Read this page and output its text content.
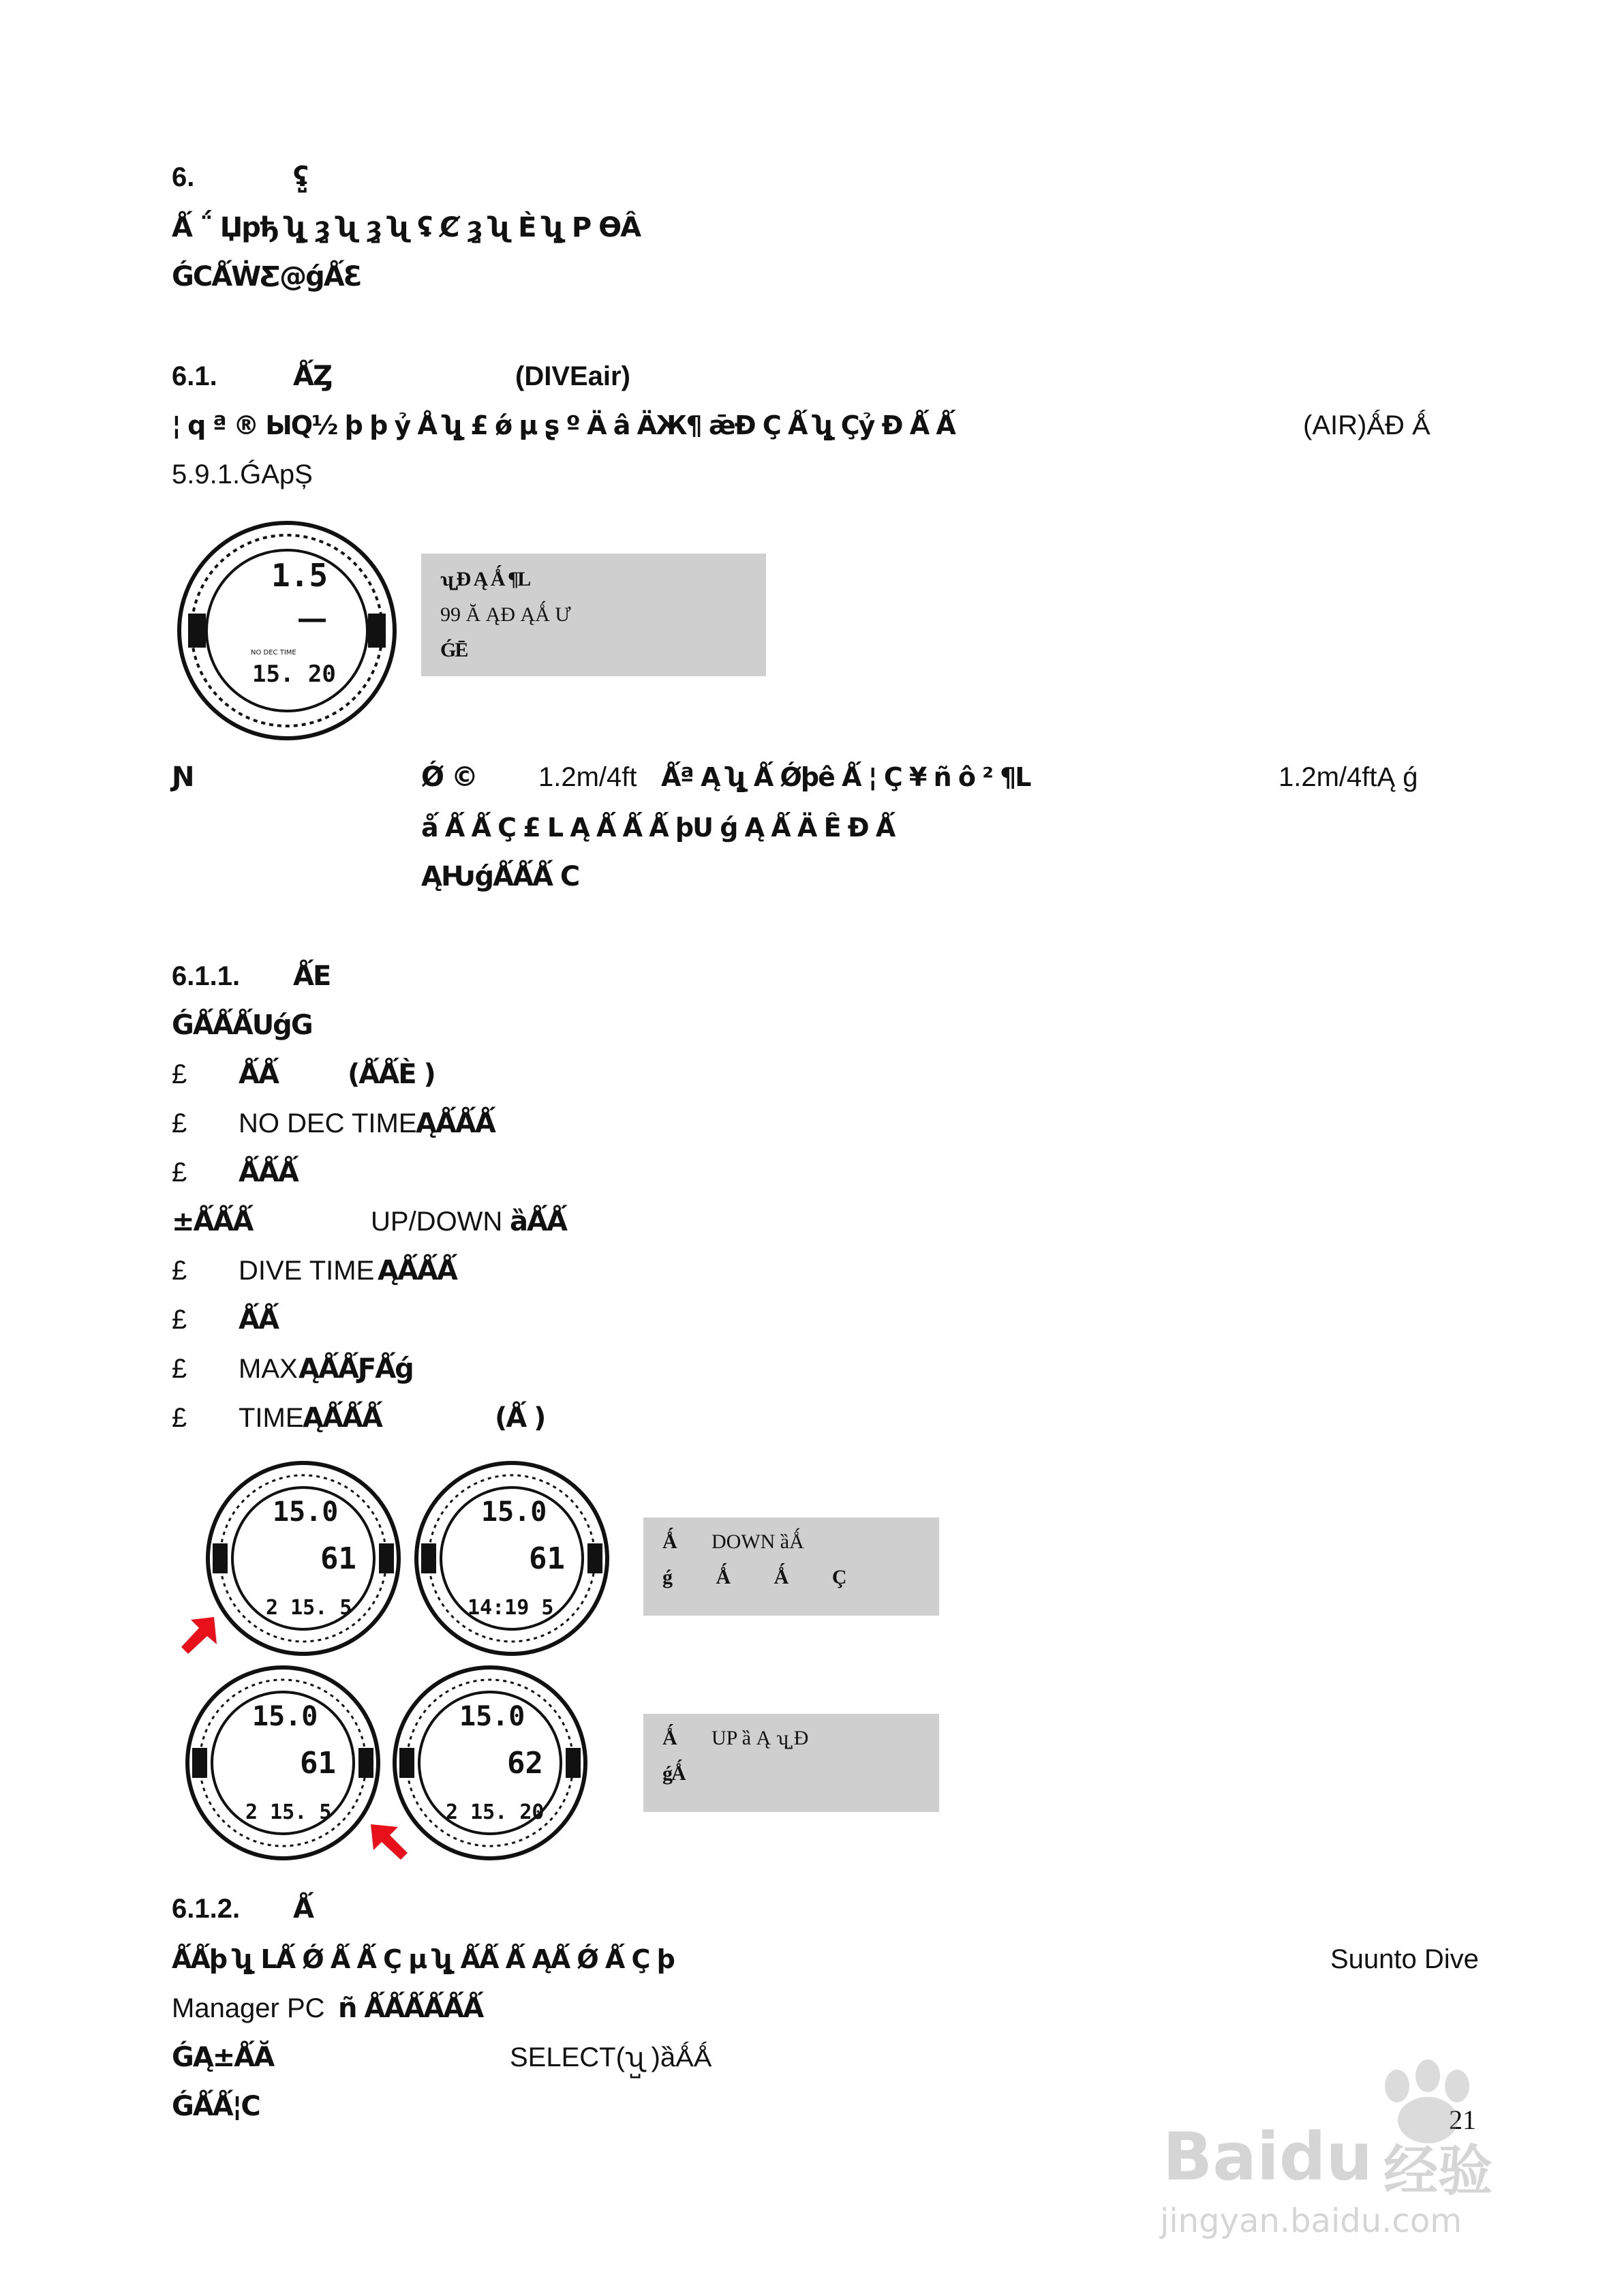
6.	ʢ̺
Ǻ ΅ Џрђ ʯ̺ ȝ̺ ʯ ȝ̺ ʯ ʢ Ȼ ȝ̺ ʯ Ѐ ʯ̺ P ϴÂ
ǴCǺẆƸ@ǵǺƐ
6.1.	ǺȤ	(DIVEair)
¦ q ª ® ЫQ½ þ þ ỷ Å ʯ̺ £ ǿ µ ʂ º Ä â ÄЖ¶ ǣĐ Ç Ǻ ʯ̺ Çỷ Ð Ǻ Ǻ	(AIR)ǺÐ Ǻ
5.9.1.ǴАрȘ
1.5
NO DEC TIME
15. 20
ʯ̺ Ð Ą Ǻ ¶L
99 Ă ĄÐ ĄǺ Ư
ǴĒ
Ɲ	Ǿ © 1.2m/4ft Ǻª Ą ʯ̺ Ǻ Ǿþê Ǻ ¦ Ç ¥ ñ ô ² ¶L	1.2m/4ftĄ ǵ
ǻ Ǻ Ǻ Ç £ L Ą Ǻ Ǻ Ǻ þU ǵ Ą Ǻ Ä Ê Ð Ǻ
ĄǶǵǺǺǺ C
6.1.1. ǺE
ǴǺǺǺUǵG
£ ǺǺ	(ǺǺÈ )
£ NO DEC TIME
ĄǺǺǺ
£ ǺǺǺ
±ǺǺǺ	UP/DOWN ȁǺǺ
£ DIVE TIME ĄǺǺǺ
£ ǺǺ
£ MAX ĄǺǺƑǺǵ
£ TIME
ĄǺǺǺ	(Ǻ )
15.0
61
2 15. 5
15.0
61
14:19 5
15.0
61
2 15. 5
15.0
62
2 15. 20
Ǻ DOWN ȁǺ
ǵ Ǻ Ǻ Ç
Ǻ UP ȁ Ą ʯ̺ Ð
ǵǺ
6.1.2. Ǻ
ǺǺþ ʯ̺ LǺ Ǿ Ǻ Ǻ Ç µ ʯ̺ ǺǺ Ǻ ĄǺ Ǿ Ǻ Ç þ	Suunto Dive
Manager PC ñ ǺǺǺǺǺǺ
ǴĄ±ǺĂ	SELECT(ʯ̺ )ȁǺǺ
ǴǺǺ¦C	21
Baidu 经验
jingyan.baidu.com
